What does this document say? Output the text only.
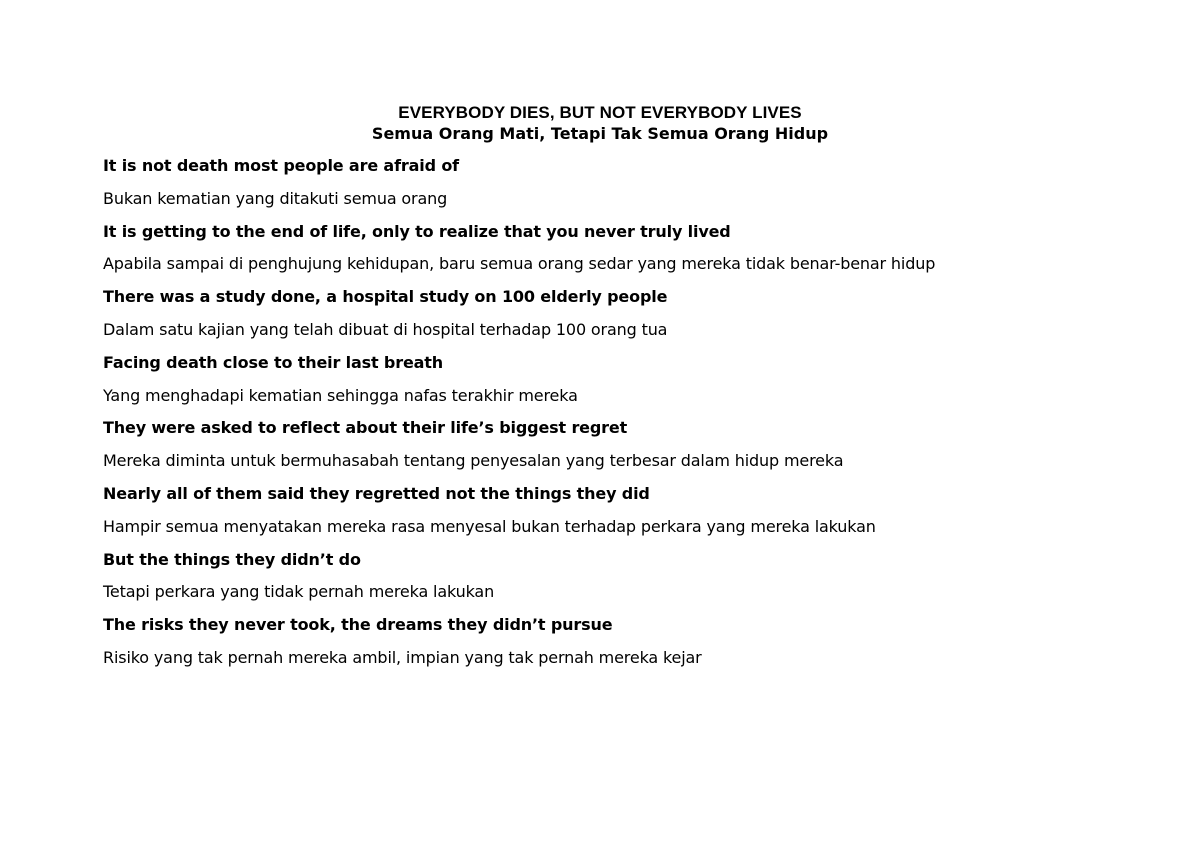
EVERYBODY DIES, BUT NOT EVERYBODY LIVES
Semua Orang Mati, Tetapi Tak Semua Orang Hidup
It is not death most people are afraid of
Bukan kematian yang ditakuti semua orang
It is getting to the end of life, only to realize that you never truly lived
Apabila sampai di penghujung kehidupan, baru semua orang sedar yang mereka tidak benar-benar hidup
There was a study done, a hospital study on 100 elderly people
Dalam satu kajian yang telah dibuat di hospital terhadap 100 orang tua
Facing death close to their last breath
Yang menghadapi kematian sehingga nafas terakhir mereka
They were asked to reflect about their life’s biggest regret
Mereka diminta untuk bermuhasabah tentang penyesalan yang terbesar dalam hidup mereka
Nearly all of them said they regretted not the things they did
Hampir semua menyatakan mereka rasa menyesal bukan terhadap perkara yang mereka lakukan
But the things they didn’t do
Tetapi perkara yang tidak pernah mereka lakukan
The risks they never took, the dreams they didn’t pursue
Risiko yang tak pernah mereka ambil, impian yang tak pernah mereka kejar
